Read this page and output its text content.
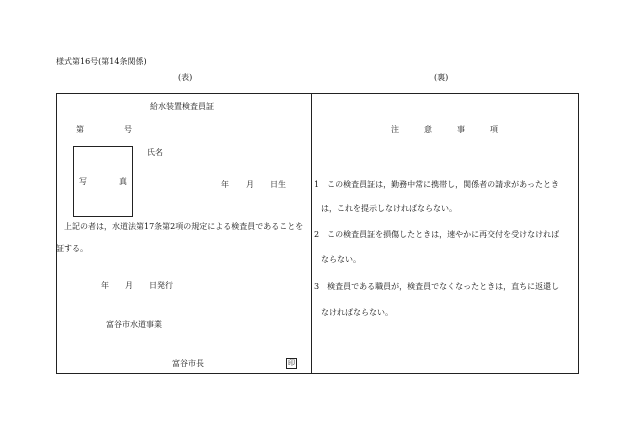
様式第16号(第14条関係)
(表)	(裏)
給水装置検査員証
第	号
写	真
氏名
年 月 日生
上記の者は，水道法第17条第2項の規定による検査員であることを
証する。
年 月 日発行
富谷市水道事業
富谷市長	印
注	意	事	項
1　この検査員証は，勤務中常に携帯し，関係者の請求があったとき
は，これを提示しなければならない。
2　この検査員証を損傷したときは，速やかに再交付を受けなければ
ならない。
3　検査員である職員が，検査員でなくなったときは，直ちに返還し
なければならない。
